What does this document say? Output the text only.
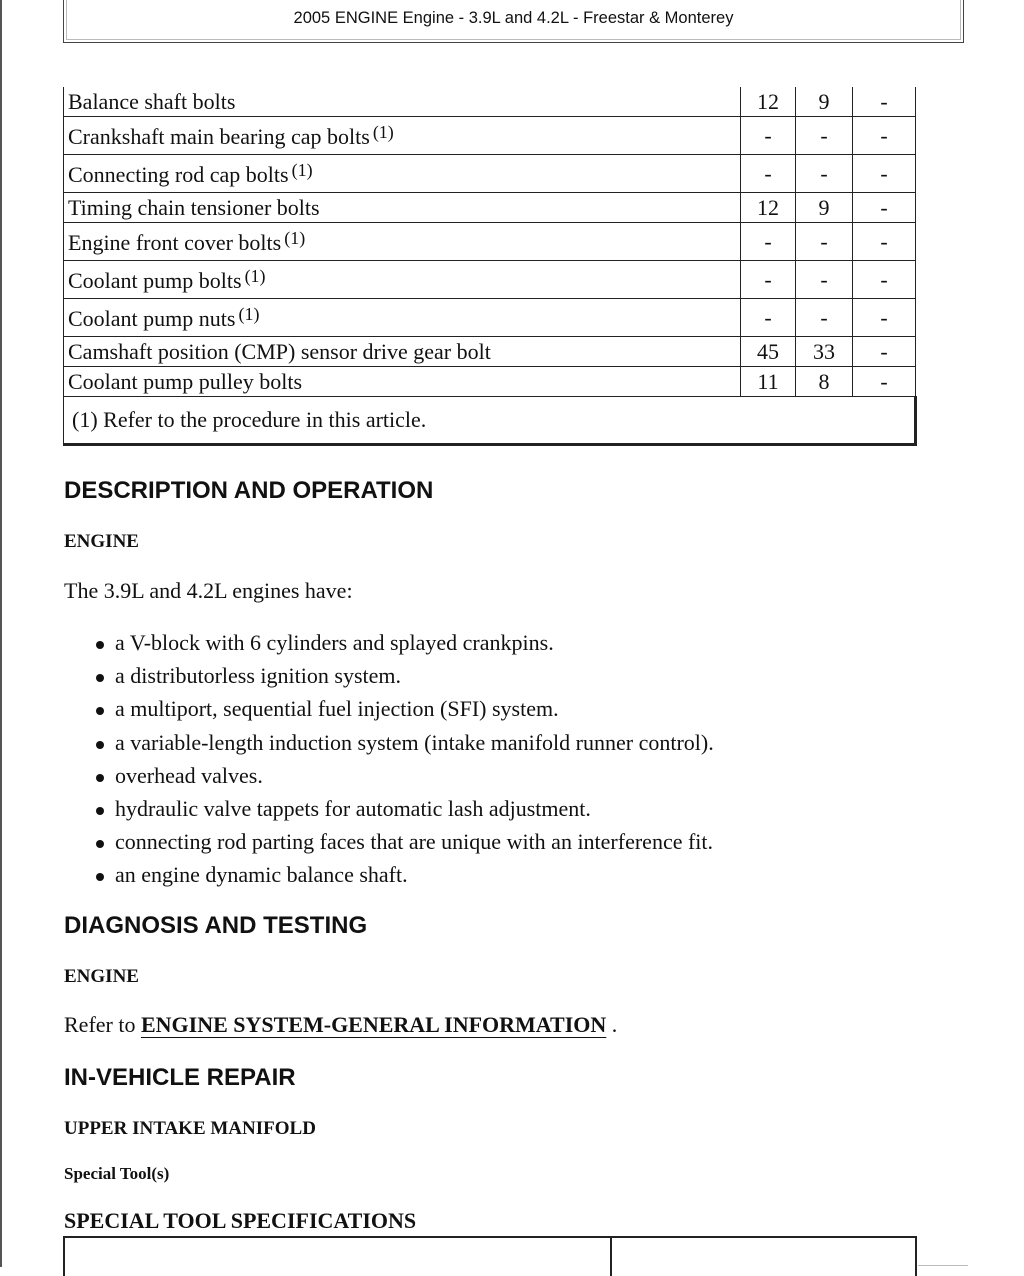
2005 ENGINE Engine - 3.9L and 4.2L - Freestar & Monterey
Balance shaft bolts	12	9	-
Crankshaft main bearing cap bolts $^{(1)}$	-	-	-
Connecting rod cap bolts $^{(1)}$	-	-	-
Timing chain tensioner bolts	12	9	-
Engine front cover bolts $^{(1)}$	-	-	-
Coolant pump bolts $^{(1)}$	-	-	-
Coolant pump nuts $^{(1)}$	-	-	-
Camshaft position (CMP) sensor drive gear bolt	45	33	-
Coolant pump pulley bolts	11	8	-
(1) Refer to the procedure in this article.			
DESCRIPTION AND OPERATION
ENGINE

The 3.9L and 4.2L engines have:

a V-block with 6 cylinders and splayed crankpins.
a distributorless ignition system.
a multiport, sequential fuel injection (SFI) system.
a variable-length induction system (intake manifold runner control).
overhead valves.
hydraulic valve tappets for automatic lash adjustment.
connecting rod parting faces that are unique with an interference fit.
an engine dynamic balance shaft.
DIAGNOSIS AND TESTING
ENGINE

Refer to ENGINE SYSTEM-GENERAL INFORMATION .

IN-VEHICLE REPAIR
UPPER INTAKE MANIFOLD
Special Tool(s)
SPECIAL TOOL SPECIFICATIONS
